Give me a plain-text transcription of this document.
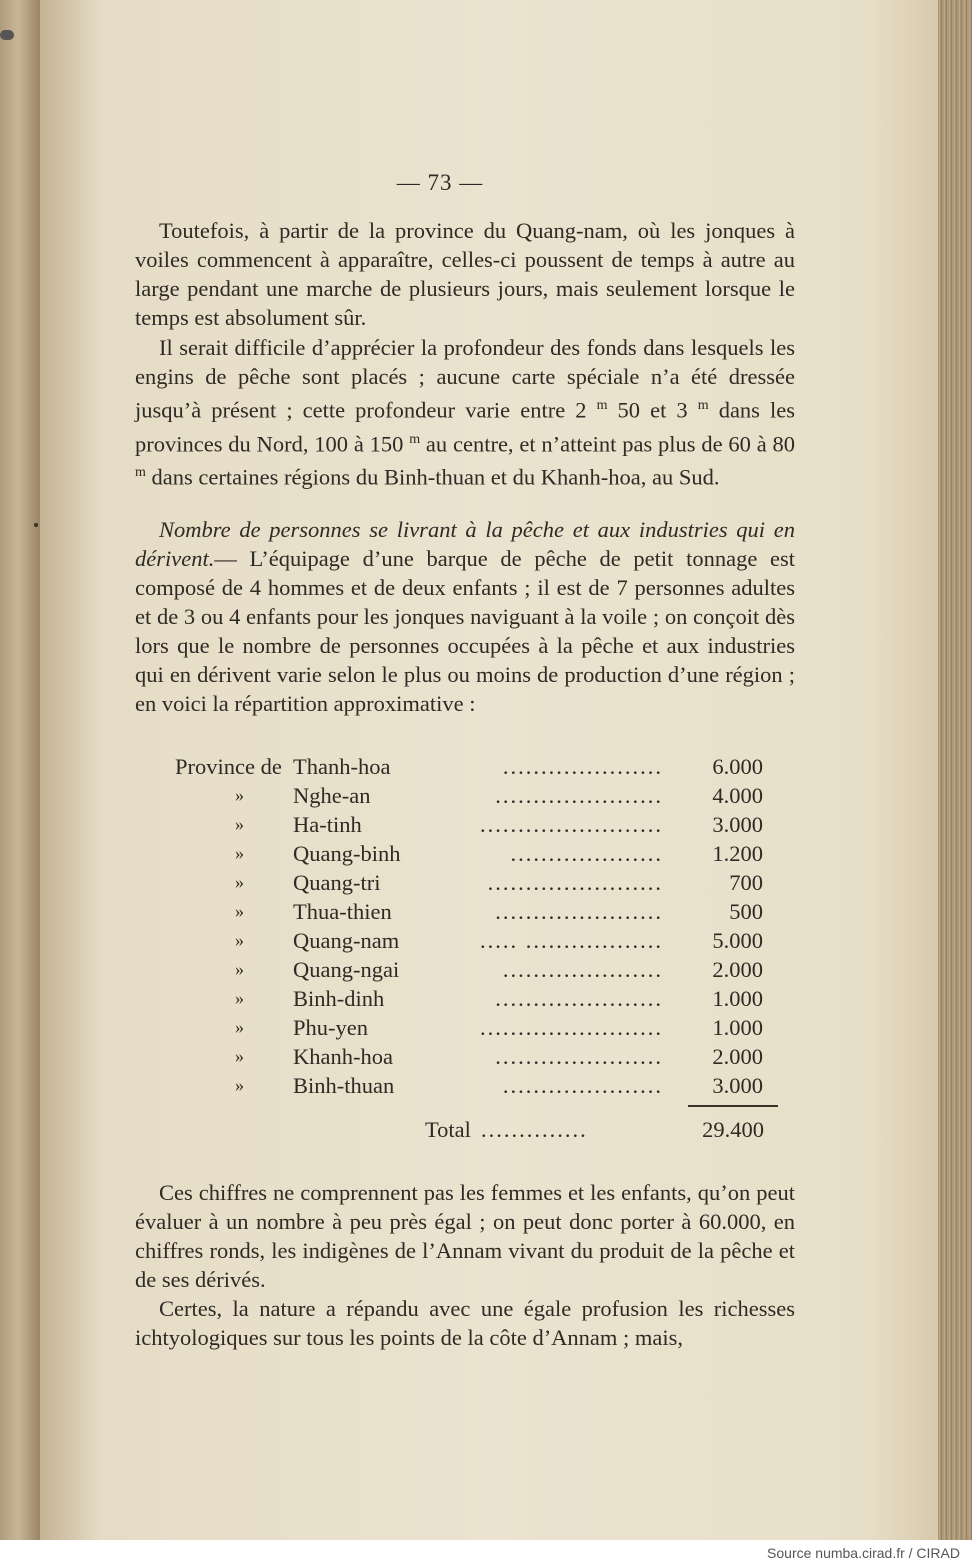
— 73 —

Toutefois, à partir de la province du Quang-nam, où les jonques à voiles commencent à apparaître, celles-ci poussent de temps à autre au large pendant une marche de plusieurs jours, mais seulement lorsque le temps est absolument sûr.

Il serait difficile d’apprécier la profondeur des fonds dans lesquels les engins de pêche sont placés ; aucune carte spéciale n’a été dressée jusqu’à présent ; cette profondeur varie entre 2 $^m$ 50 et 3 $^m$ dans les provinces du Nord, 100 à 150 $^m$ au centre, et n’atteint pas plus de 60 à 80 $^m$ dans certaines régions du Binh-thuan et du Khanh-hoa, au Sud.

Nombre de personnes se livrant à la pêche et aux industries qui en dérivent.— L’équipage d’une barque de pêche de petit tonnage est composé de 4 hommes et de deux enfants ; il est de 7 personnes adultes et de 3 ou 4 enfants pour les jonques naviguant à la voile ; on conçoit dès lors que le nombre de personnes occupées à la pêche et aux industries qui en dérivent varie selon le plus ou moins de production d’une région ; en voici la répartition approximative :

Province de Thanh-hoa	.....................	6.000
» Nghe-an	......................	4.000
» Ha-tinh	........................	3.000
» Quang-binh	....................	1.200
» Quang-tri	.......................	700
» Thua-thien	......................	500
» Quang-nam	..... ..................	5.000
» Quang-ngai	.....................	2.000
» Binh-dinh	......................	1.000
» Phu-yen	........................	1.000
» Khanh-hoa	......................	2.000
» Binh-thuan	.....................	3.000
Total ..............	29.400

Ces chiffres ne comprennent pas les femmes et les enfants, qu’on peut évaluer à un nombre à peu près égal ; on peut donc porter à 60.000, en chiffres ronds, les indigènes de l’Annam vivant du produit de la pêche et de ses dérivés.

Certes, la nature a répandu avec une égale profusion les richesses ichtyologiques sur tous les points de la côte d’Annam ; mais,

Source numba.cirad.fr / CIRAD
